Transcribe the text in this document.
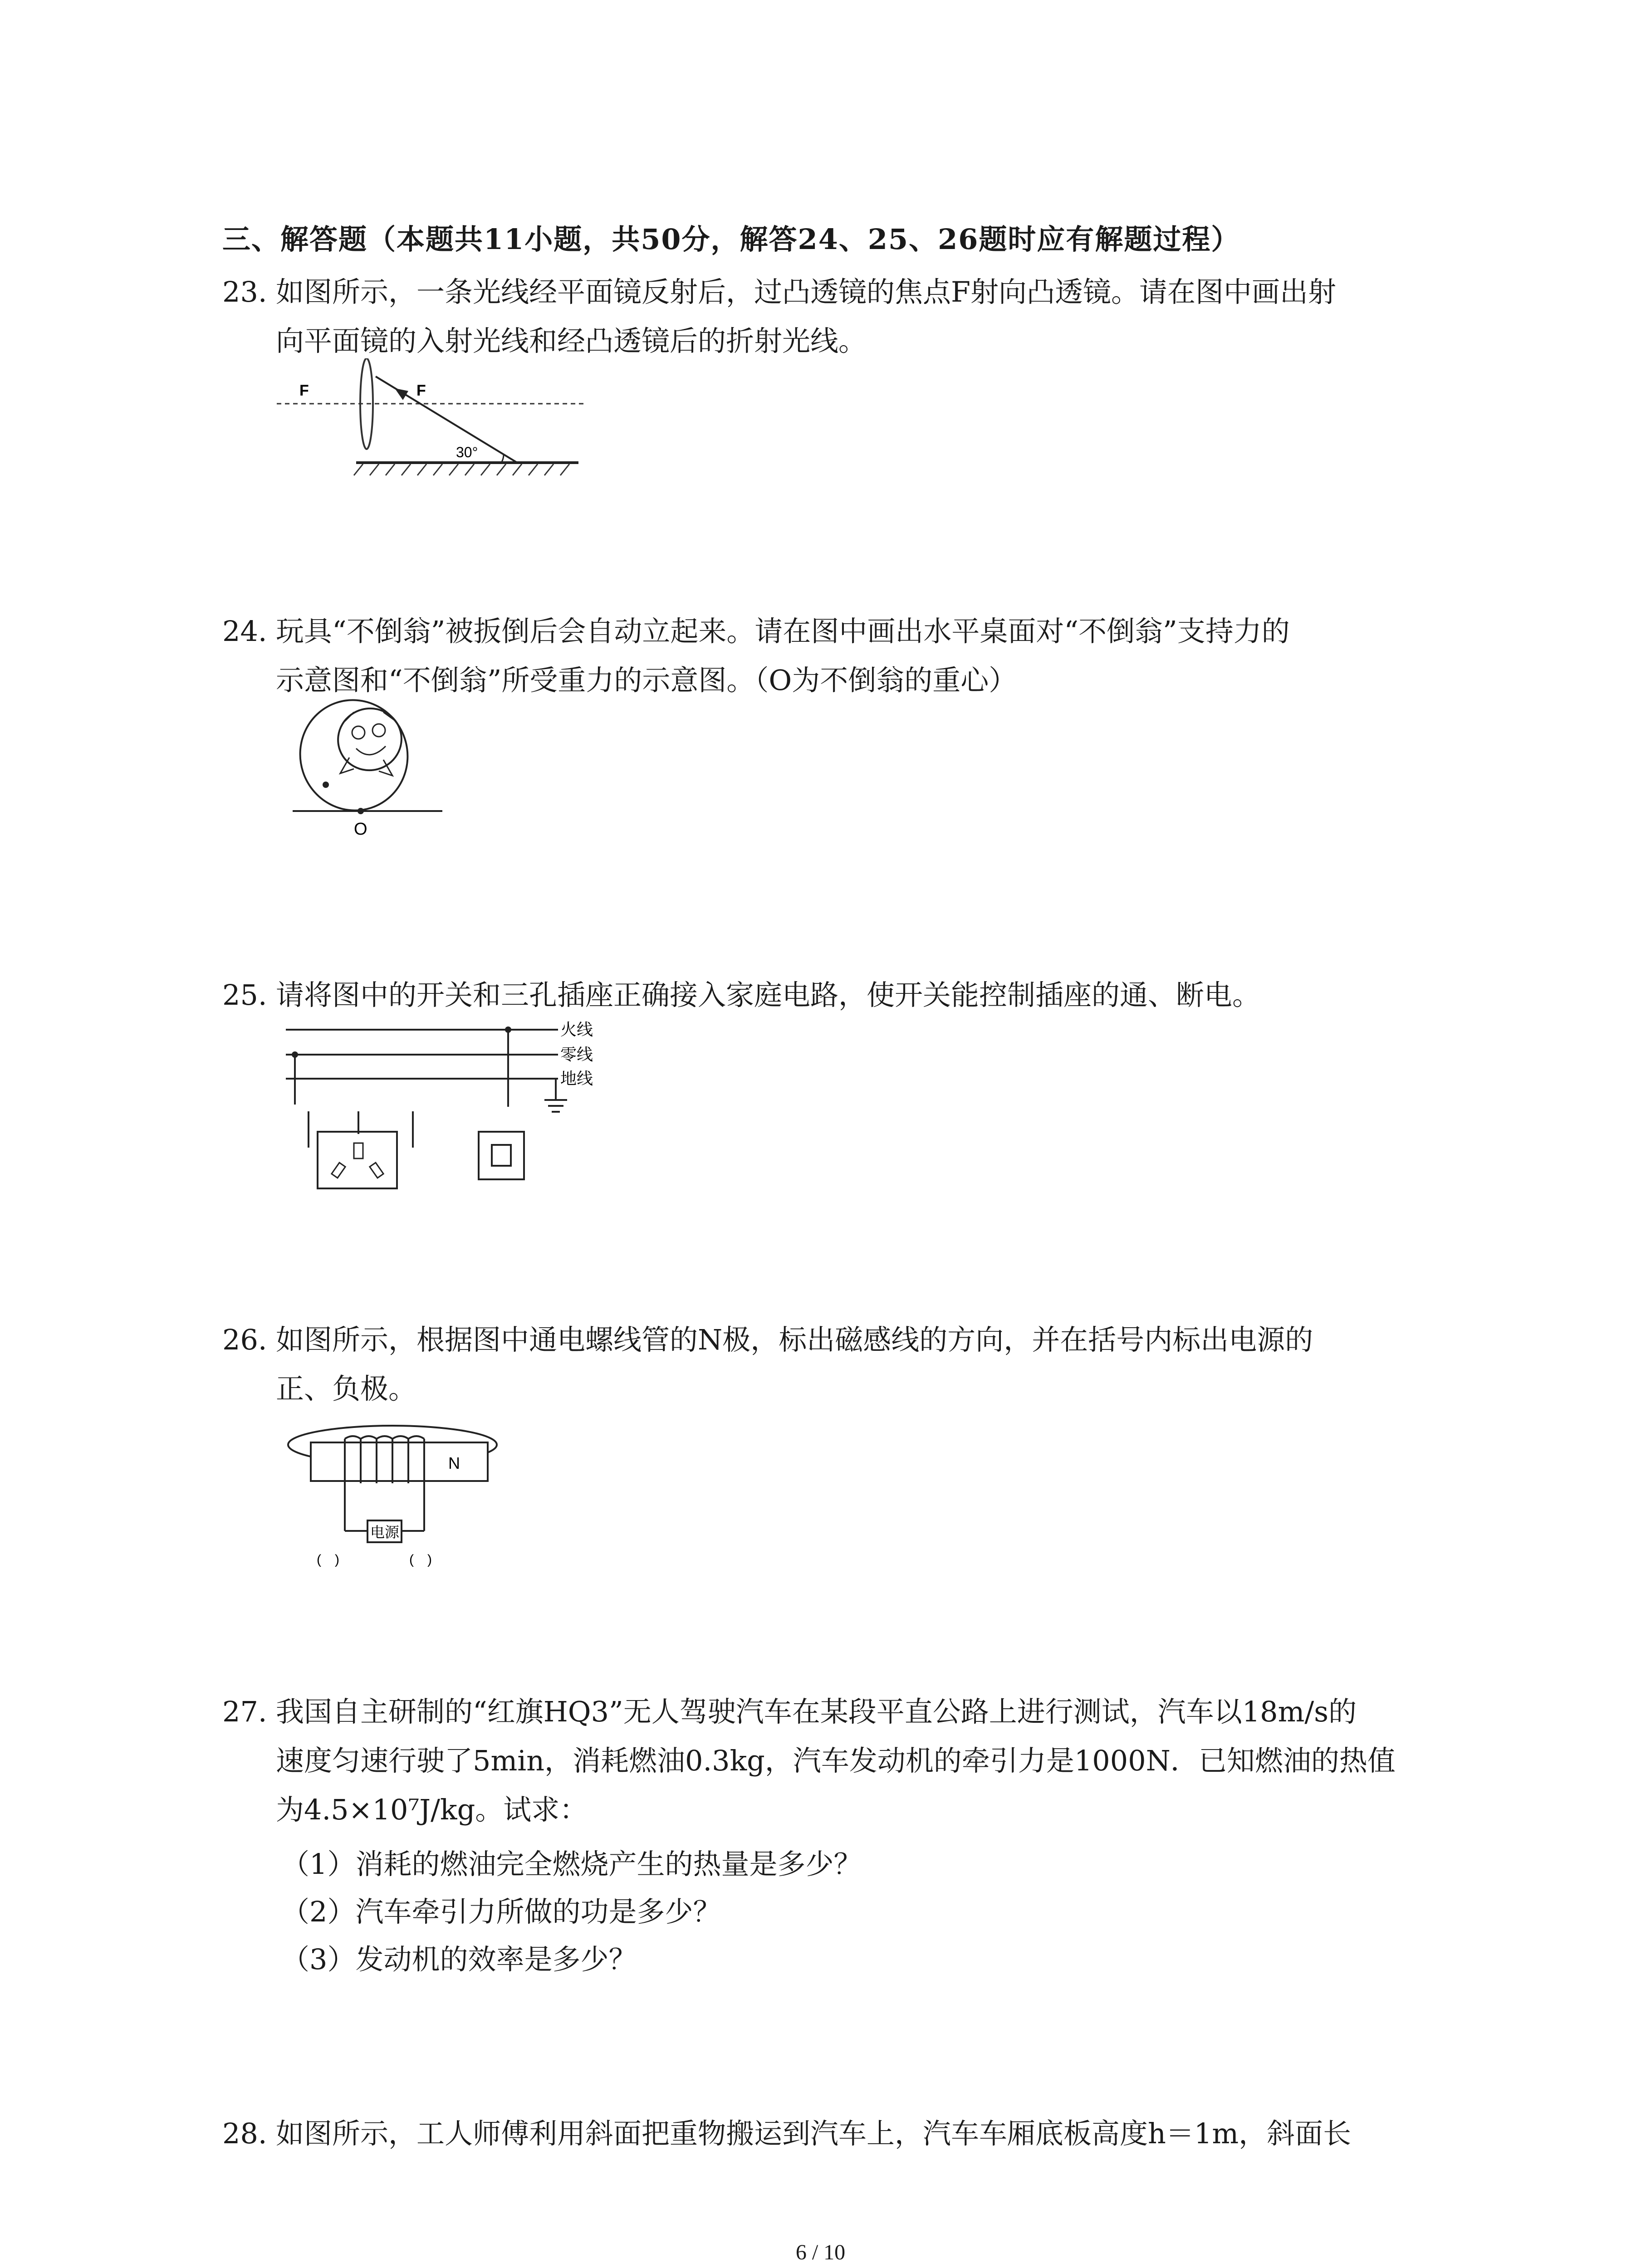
三、解答题（本题共11小题，共50分，解答24、25、26题时应有解题过程）
23. 如图所示，一条光线经平面镜反射后，过凸透镜的焦点F射向凸透镜。请在图中画出射
向平面镜的入射光线和经凸透镜后的折射光线。
F	F
30°
24. 玩具“不倒翁”被扳倒后会自动立起来。请在图中画出水平桌面对“不倒翁”支持力的
示意图和“不倒翁”所受重力的示意图。（O为不倒翁的重心）
O
25. 请将图中的开关和三孔插座正确接入家庭电路，使开关能控制插座的通、断电。
火线
零线
地线
26. 如图所示，根据图中通电螺线管的N极，标出磁感线的方向，并在括号内标出电源的
正、负极。
N
电源
(　)	(　)
27. 我国自主研制的“红旗HQ3”无人驾驶汽车在某段平直公路上进行测试，汽车以18m/s的
速度匀速行驶了5min，消耗燃油0.3kg，汽车发动机的牵引力是1000N．已知燃油的热值
为4.5×10⁷J/kg。试求：
（1）消耗的燃油完全燃烧产生的热量是多少？
（2）汽车牵引力所做的功是多少？
（3）发动机的效率是多少？
28. 如图所示，工人师傅利用斜面把重物搬运到汽车上，汽车车厢底板高度h＝1m，斜面长
6 / 10
